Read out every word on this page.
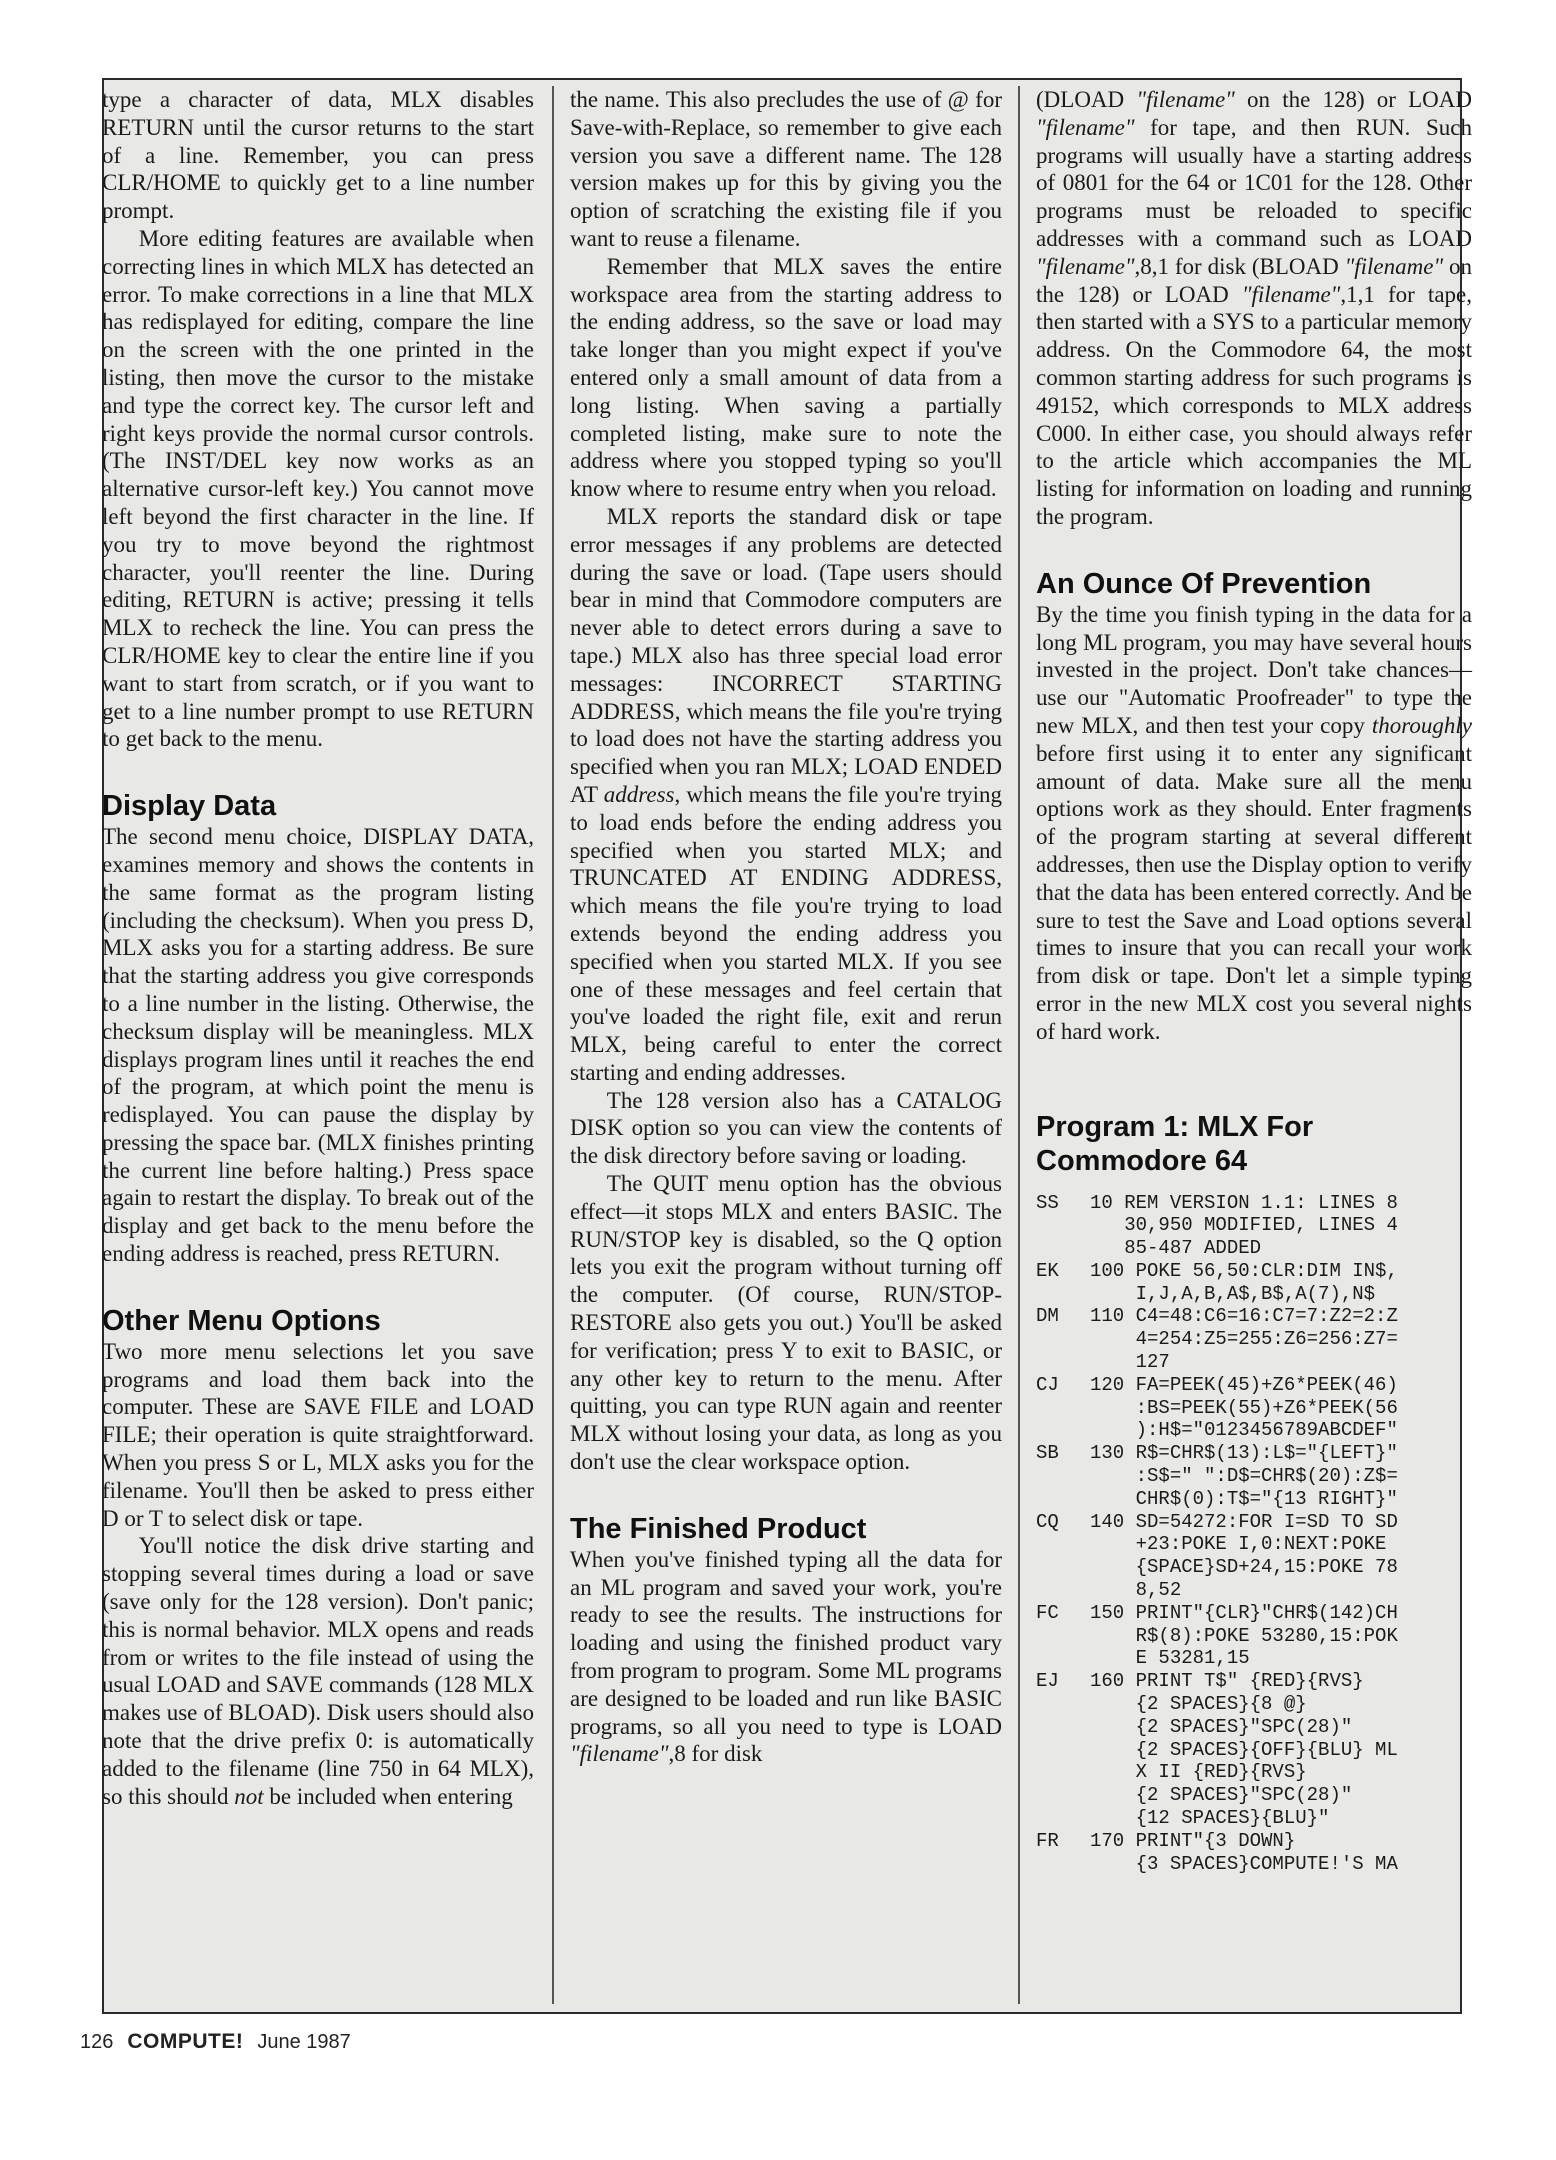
type a character of data, MLX disables RETURN until the cursor returns to the start of a line. Remember, you can press CLR/HOME to quickly get to a line number prompt.

More editing features are available when correcting lines in which MLX has detected an error. To make corrections in a line that MLX has redisplayed for editing, compare the line on the screen with the one printed in the listing, then move the cursor to the mistake and type the correct key. The cursor left and right keys provide the normal cursor controls. (The INST/DEL key now works as an alternative cursor-left key.) You cannot move left beyond the first character in the line. If you try to move beyond the rightmost character, you'll reenter the line. During editing, RETURN is active; pressing it tells MLX to recheck the line. You can press the CLR/HOME key to clear the entire line if you want to start from scratch, or if you want to get to a line number prompt to use RETURN to get back to the menu.

Display Data

The second menu choice, DISPLAY DATA, examines memory and shows the contents in the same format as the program listing (including the checksum). When you press D, MLX asks you for a starting address. Be sure that the starting address you give corresponds to a line number in the listing. Otherwise, the checksum display will be meaningless. MLX displays program lines until it reaches the end of the program, at which point the menu is redisplayed. You can pause the display by pressing the space bar. (MLX finishes printing the current line before halting.) Press space again to restart the display. To break out of the display and get back to the menu before the ending address is reached, press RETURN.

Other Menu Options

Two more menu selections let you save programs and load them back into the computer. These are SAVE FILE and LOAD FILE; their operation is quite straightforward. When you press S or L, MLX asks you for the filename. You'll then be asked to press either D or T to select disk or tape.

You'll notice the disk drive starting and stopping several times during a load or save (save only for the 128 version). Don't panic; this is normal behavior. MLX opens and reads from or writes to the file instead of using the usual LOAD and SAVE commands (128 MLX makes use of BLOAD). Disk users should also note that the drive prefix 0: is automatically added to the filename (line 750 in 64 MLX), so this should not be included when entering

the name. This also precludes the use of @ for Save-with-Replace, so remember to give each version you save a different name. The 128 version makes up for this by giving you the option of scratching the existing file if you want to reuse a filename.

Remember that MLX saves the entire workspace area from the starting address to the ending address, so the save or load may take longer than you might expect if you've entered only a small amount of data from a long listing. When saving a partially completed listing, make sure to note the address where you stopped typing so you'll know where to resume entry when you reload.

MLX reports the standard disk or tape error messages if any problems are detected during the save or load. (Tape users should bear in mind that Commodore computers are never able to detect errors during a save to tape.) MLX also has three special load error messages: INCORRECT STARTING ADDRESS, which means the file you're trying to load does not have the starting address you specified when you ran MLX; LOAD ENDED AT address, which means the file you're trying to load ends before the ending address you specified when you started MLX; and TRUNCATED AT ENDING ADDRESS, which means the file you're trying to load extends beyond the ending address you specified when you started MLX. If you see one of these messages and feel certain that you've loaded the right file, exit and rerun MLX, being careful to enter the correct starting and ending addresses.

The 128 version also has a CATALOG DISK option so you can view the contents of the disk directory before saving or loading.

The QUIT menu option has the obvious effect—it stops MLX and enters BASIC. The RUN/STOP key is disabled, so the Q option lets you exit the program without turning off the computer. (Of course, RUN/STOP-RESTORE also gets you out.) You'll be asked for verification; press Y to exit to BASIC, or any other key to return to the menu. After quitting, you can type RUN again and reenter MLX without losing your data, as long as you don't use the clear workspace option.

The Finished Product

When you've finished typing all the data for an ML program and saved your work, you're ready to see the results. The instructions for loading and using the finished product vary from program to program. Some ML programs are designed to be loaded and run like BASIC programs, so all you need to type is LOAD "filename",8 for disk

(DLOAD "filename" on the 128) or LOAD "filename" for tape, and then RUN. Such programs will usually have a starting address of 0801 for the 64 or 1C01 for the 128. Other programs must be reloaded to specific addresses with a command such as LOAD "filename",8,1 for disk (BLOAD "filename" on the 128) or LOAD "filename",1,1 for tape, then started with a SYS to a particular memory address. On the Commodore 64, the most common starting address for such programs is 49152, which corresponds to MLX address C000. In either case, you should always refer to the article which accompanies the ML listing for information on loading and running the program.

An Ounce Of Prevention

By the time you finish typing in the data for a long ML program, you may have several hours invested in the project. Don't take chances—use our "Automatic Proofreader" to type the new MLX, and then test your copy thoroughly before first using it to enter any significant amount of data. Make sure all the menu options work as they should. Enter fragments of the program starting at several different addresses, then use the Display option to verify that the data has been entered correctly. And be sure to test the Save and Load options several times to insure that you can recall your work from disk or tape. Don't let a simple typing error in the new MLX cost you several nights of hard work.

Program 1: MLX For Commodore 64
SS	10 REM VERSION 1.1: LINES 8
30,950 MODIFIED, LINES 4
85-487 ADDED
EK	100 POKE 56,50:CLR:DIM IN$,
I,J,A,B,A$,B$,A(7),N$
DM	110 C4=48:C6=16:C7=7:Z2=2:Z
4=254:Z5=255:Z6=256:Z7=
127
CJ	120 FA=PEEK(45)+Z6*PEEK(46)
:BS=PEEK(55)+Z6*PEEK(56
):H$="0123456789ABCDEF"
SB	130 R$=CHR$(13):L$="{LEFT}"
:S$=" ":D$=CHR$(20):Z$=
CHR$(0):T$="{13 RIGHT}"
CQ	140 SD=54272:FOR I=SD TO SD
+23:POKE I,0:NEXT:POKE
{SPACE}SD+24,15:POKE 78
8,52
FC	150 PRINT"{CLR}"CHR$(142)CH
R$(8):POKE 53280,15:POK
E 53281,15
EJ	160 PRINT T$" {RED}{RVS}
{2 SPACES}{8 @}
{2 SPACES}"SPC(28)"
{2 SPACES}{OFF}{BLU} ML
X II {RED}{RVS}
{2 SPACES}"SPC(28)"
{12 SPACES}{BLU}"
FR	170 PRINT"{3 DOWN}
{3 SPACES}COMPUTE!'S MA
126 COMPUTE! June 1987
